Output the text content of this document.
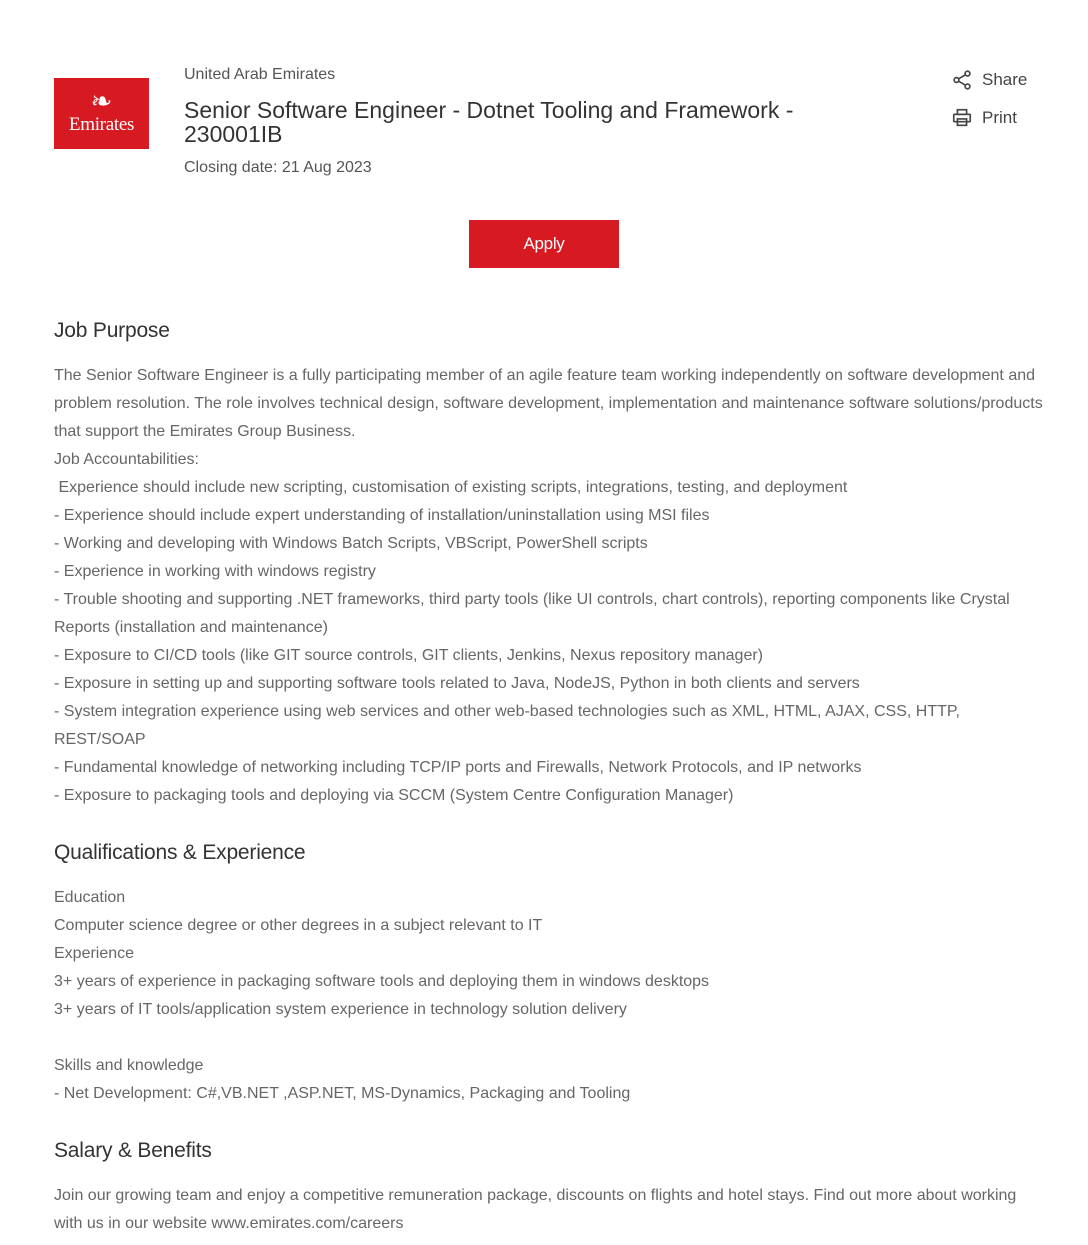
❧
Emirates

United Arab Emirates

Senior Software Engineer - Dotnet Tooling and Framework - 230001IB

Closing date: 21 Aug 2023

Share
Print
Apply
Job Purpose

The Senior Software Engineer is a fully participating member of an agile feature team working independently on software development and problem resolution. The role involves technical design, software development, implementation and maintenance software solutions/products that support the Emirates Group Business.

Job Accountabilities:

Experience should include new scripting, customisation of existing scripts, integrations, testing, and deployment

- Experience should include expert understanding of installation/uninstallation using MSI files

- Working and developing with Windows Batch Scripts, VBScript, PowerShell scripts

- Experience in working with windows registry

- Trouble shooting and supporting .NET frameworks, third party tools (like UI controls, chart controls), reporting components like Crystal Reports (installation and maintenance)

- Exposure to CI/CD tools (like GIT source controls, GIT clients, Jenkins, Nexus repository manager)

- Exposure in setting up and supporting software tools related to Java, NodeJS, Python in both clients and servers

- System integration experience using web services and other web-based technologies such as XML, HTML, AJAX, CSS, HTTP, REST/SOAP

- Fundamental knowledge of networking including TCP/IP ports and Firewalls, Network Protocols, and IP networks

- Exposure to packaging tools and deploying via SCCM (System Centre Configuration Manager)

Qualifications & Experience

Education

Computer science degree or other degrees in a subject relevant to IT

Experience

3+ years of experience in packaging software tools and deploying them in windows desktops

3+ years of IT tools/application system experience in technology solution delivery

Skills and knowledge

- Net Development: C#,VB.NET ,ASP.NET, MS-Dynamics, Packaging and Tooling

Salary & Benefits

Join our growing team and enjoy a competitive remuneration package, discounts on flights and hotel stays. Find out more about working with us in our website www.emirates.com/careers
